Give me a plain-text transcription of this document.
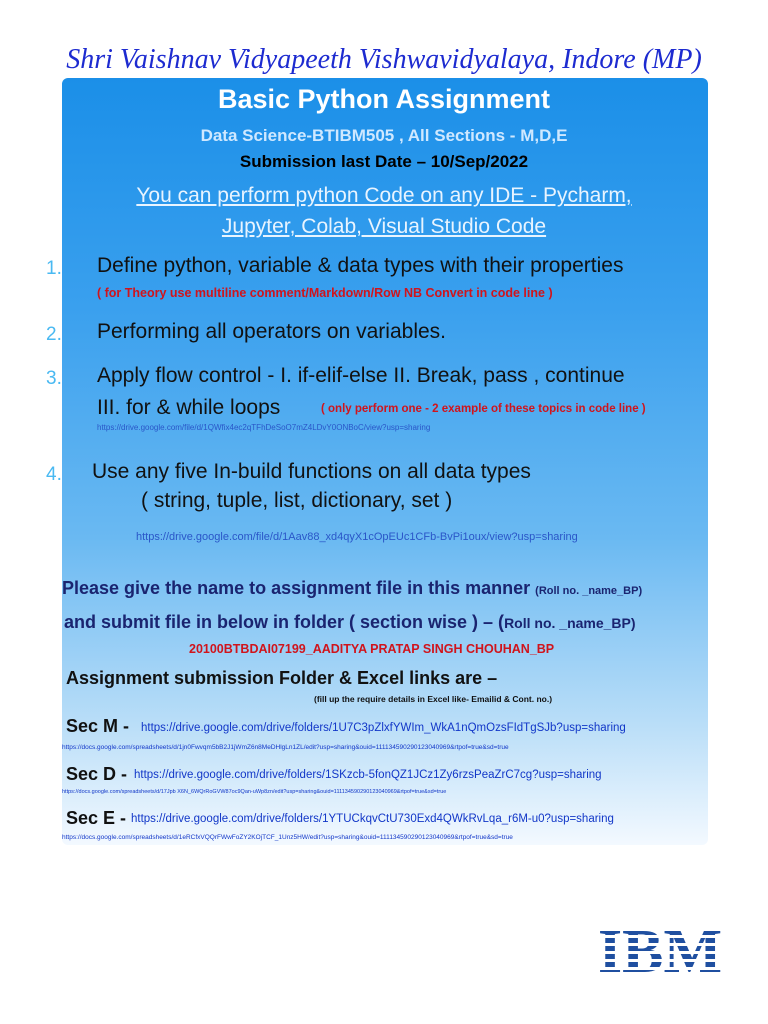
Shri Vaishnav Vidyapeeth Vishwavidyalaya, Indore (MP)
Basic Python Assignment
Data Science-BTIBM505 , All Sections - M,D,E
Submission last Date – 10/Sep/2022
You can perform python Code on any IDE - Pycharm,
Jupyter, Colab, Visual Studio Code
1. Define python, variable & data types with their properties
( for Theory use multiline comment/Markdown/Row NB Convert in code line )
2. Performing all operators on variables.
3. Apply flow control - I. if-elif-else II. Break, pass , continue
III. for & while loops	( only perform one - 2 example of these topics in code line )
https://drive.google.com/file/d/1QWfix4ec2qTFhDeSoO7mZ4LDvY0ONBoC/view?usp=sharing
4. Use any five In-build functions on all data types
( string, tuple, list, dictionary, set )
https://drive.google.com/file/d/1Aav88_xd4qyX1cOpEUc1CFb-BvPi1oux/view?usp=sharing
Please give the name to assignment file in this manner (Roll no. _name_BP)
and submit file in below in folder ( section wise ) – (Roll no. _name_BP)
20100BTBDAI07199_AADITYA PRATAP SINGH CHOUHAN_BP
Assignment submission Folder & Excel links are –
(fill up the require details in Excel like- Emailid & Cont. no.)
Sec M - https://drive.google.com/drive/folders/1U7C3pZlxfYWIm_WkA1nQmOzsFIdTgSJb?usp=sharing
https://docs.google.com/spreadsheets/d/1jn0Fwvqm5bB2J1jWmZ6n8MeDHlgLn1ZL/edit?usp=sharing&ouid=111134590290123040969&rtpof=true&sd=true
Sec D - https://drive.google.com/drive/folders/1SKzcb-5fonQZ1JCz1Zy6rzsPeaZrC7cg?usp=sharing
https://docs.google.com/spreadsheets/d/17Jpb X6N_6WQrRoGVW87oc9Qan-uWp8zn/edit?usp=sharing&ouid=111134590290123040969&rtpof=true&sd=true
Sec E - https://drive.google.com/drive/folders/1YTUCkqvCtU730Exd4QWkRvLqa_r6M-u0?usp=sharing
https://docs.google.com/spreadsheets/d/1eRCfxVQQrFWwFoZY2KOjTCF_1Unz5HW/edit?usp=sharing&ouid=111134590290123040969&rtpof=true&sd=true
